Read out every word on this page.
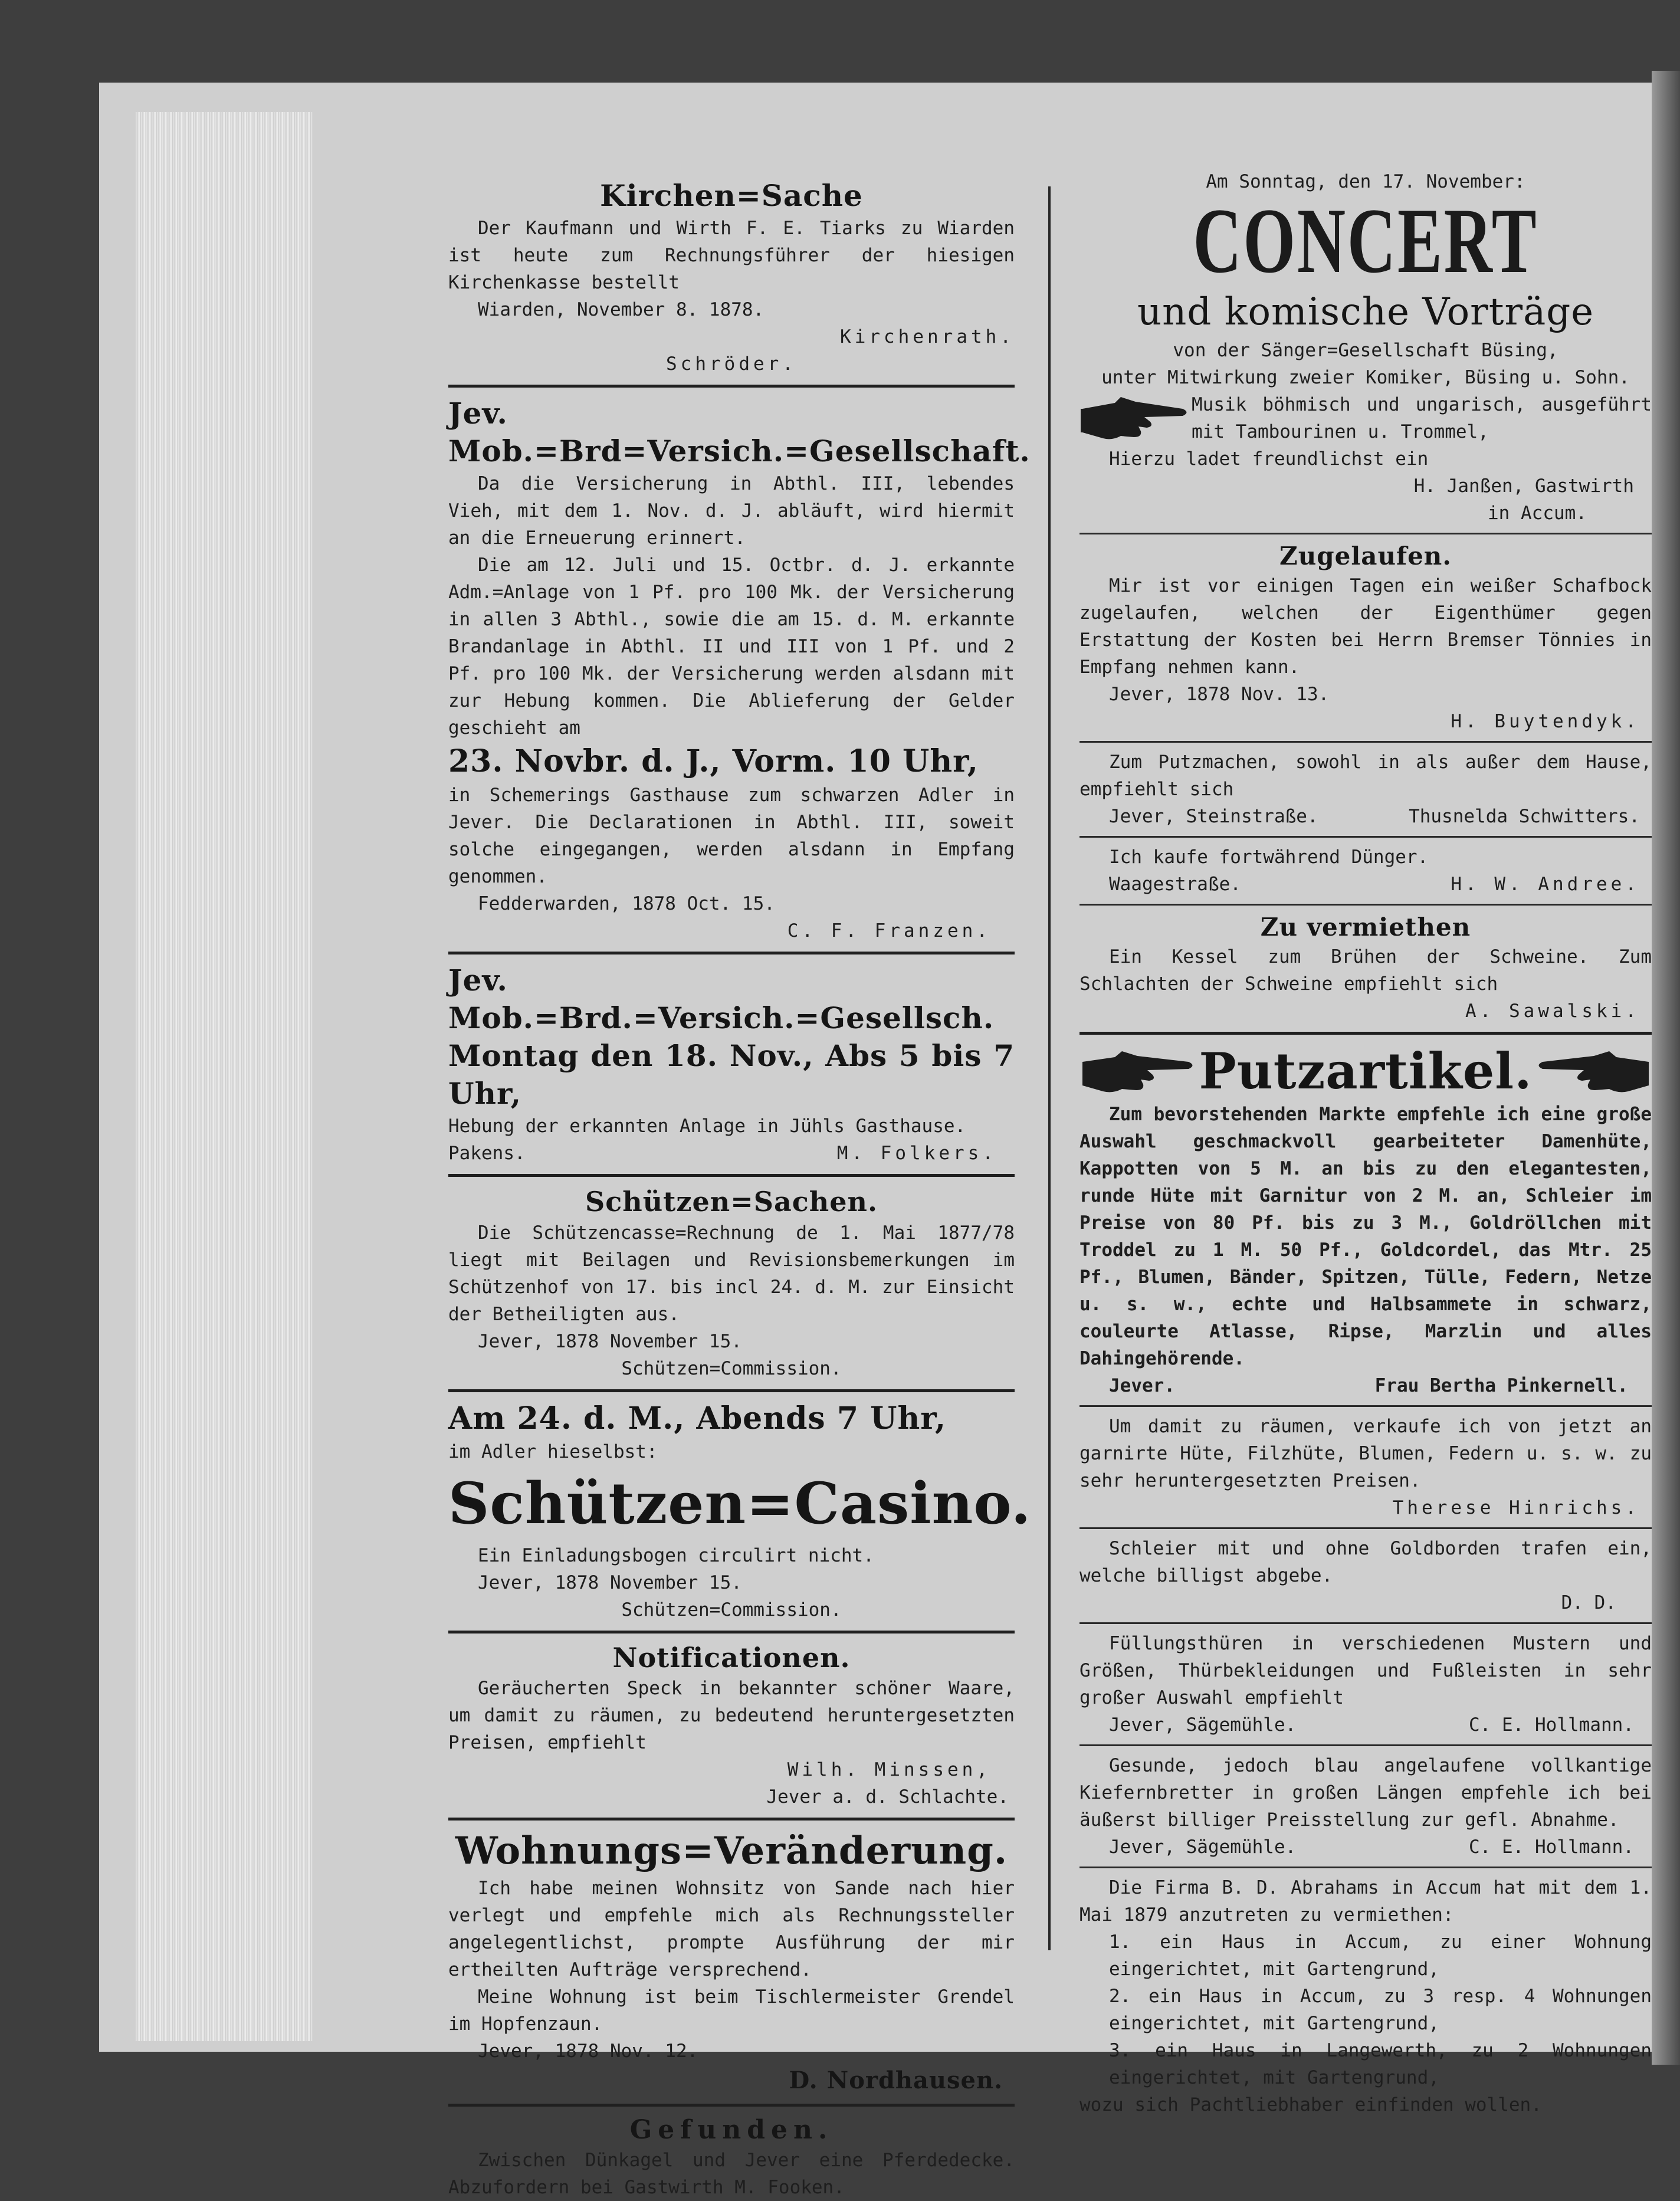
Kirchen=Sache
Der Kaufmann und Wirth F. E. Tiarks zu Wiarden ist heute zum Rechnungsführer der hiesigen Kirchenkasse bestellt
Wiarden, November 8. 1878.
Kirchenrath.
Schröder.
Jev. Mob.=Brd=Versich.=Gesellschaft.
Da die Versicherung in Abthl. III, lebendes Vieh, mit dem 1. Nov. d. J. abläuft, wird hiermit an die Erneuerung erinnert.
Die am 12. Juli und 15. Octbr. d. J. erkannte Adm.=Anlage von 1 Pf. pro 100 Mk. der Versicherung in allen 3 Abthl., sowie die am 15. d. M. erkannte Brandanlage in Abthl. II und III von 1 Pf. und 2 Pf. pro 100 Mk. der Versicherung werden alsdann mit zur Hebung kommen. Die Ablieferung der Gelder geschieht am
23. Novbr. d. J., Vorm. 10 Uhr,
in Schemerings Gasthause zum schwarzen Adler in Jever. Die Declarationen in Abthl. III, soweit solche eingegangen, werden alsdann in Empfang genommen.
Fedderwarden, 1878 Oct. 15.
C. F. Franzen.
Jev. Mob.=Brd.=Versich.=Gesellsch.
Montag den 18. Nov., Abs 5 bis 7 Uhr,
Hebung der erkannten Anlage in Jühls Gasthause.
Pakens.	M. Folkers.
Schützen=Sachen.
Die Schützencasse=Rechnung de 1. Mai 1877/78 liegt mit Beilagen und Revisionsbemerkungen im Schützenhof von 17. bis incl 24. d. M. zur Einsicht der Betheiligten aus.
Jever, 1878 November 15.
Schützen=Commission.
Am 24. d. M., Abends 7 Uhr,
im Adler hieselbst:
Schützen=Casino.
Ein Einladungsbogen circulirt nicht.
Jever, 1878 November 15.
Schützen=Commission.
Notificationen.
Geräucherten Speck in bekannter schöner Waare, um damit zu räumen, zu bedeutend heruntergesetzten Preisen, empfiehlt
Wilh. Minssen,
Jever a. d. Schlachte.
Wohnungs=Veränderung.
Ich habe meinen Wohnsitz von Sande nach hier verlegt und empfehle mich als Rechnungssteller angelegentlichst, prompte Ausführung der mir ertheilten Aufträge versprechend.
Meine Wohnung ist beim Tischlermeister Grendel im Hopfenzaun.
Jever, 1878 Nov. 12.
D. Nordhausen.
Gefunden.
Zwischen Dünkagel und Jever eine Pferdedecke. Abzufordern bei Gastwirth M. Fooken.
Am Sonntag, den 17. November:
CONCERT
und komische Vorträge
von der Sänger=Gesellschaft Büsing,
unter Mitwirkung zweier Komiker, Büsing u. Sohn.
Musik böhmisch und ungarisch, ausgeführt mit Tambourinen u. Trommel,
Hierzu ladet freundlichst ein
H. Janßen, Gastwirth
in Accum.
Zugelaufen.
Mir ist vor einigen Tagen ein weißer Schafbock zugelaufen, welchen der Eigenthümer gegen Erstattung der Kosten bei Herrn Bremser Tönnies in Empfang nehmen kann.
Jever, 1878 Nov. 13.
H. Buytendyk.
Zum Putzmachen, sowohl in als außer dem Hause, empfiehlt sich
Jever, Steinstraße.	Thusnelda Schwitters.
Ich kaufe fortwährend Dünger.
Waagestraße.	H. W. Andree.
Zu vermiethen
Ein Kessel zum Brühen der Schweine. Zum Schlachten der Schweine empfiehlt sich
A. Sawalski.
Putzartikel.
Zum bevorstehenden Markte empfehle ich eine große Auswahl geschmackvoll gearbeiteter Damenhüte, Kappotten von 5 M. an bis zu den elegantesten, runde Hüte mit Garnitur von 2 M. an, Schleier im Preise von 80 Pf. bis zu 3 M., Goldröllchen mit Troddel zu 1 M. 50 Pf., Goldcordel, das Mtr. 25 Pf., Blumen, Bänder, Spitzen, Tülle, Federn, Netze u. s. w., echte und Halbsammete in schwarz, couleurte Atlasse, Ripse, Marzlin und alles Dahingehörende.
Jever.	Frau Bertha Pinkernell.
Um damit zu räumen, verkaufe ich von jetzt an garnirte Hüte, Filzhüte, Blumen, Federn u. s. w. zu sehr heruntergesetzten Preisen.
Therese Hinrichs.
Schleier mit und ohne Goldborden trafen ein, welche billigst abgebe.
D. D.
Füllungsthüren in verschiedenen Mustern und Größen, Thürbekleidungen und Fußleisten in sehr großer Auswahl empfiehlt
Jever, Sägemühle.	C. E. Hollmann.
Gesunde, jedoch blau angelaufene vollkantige Kiefernbretter in großen Längen empfehle ich bei äußerst billiger Preisstellung zur gefl. Abnahme.
Jever, Sägemühle.	C. E. Hollmann.
Die Firma B. D. Abrahams in Accum hat mit dem 1. Mai 1879 anzutreten zu vermiethen:
1. ein Haus in Accum, zu einer Wohnung eingerichtet, mit Gartengrund,
2. ein Haus in Accum, zu 3 resp. 4 Wohnungen eingerichtet, mit Gartengrund,
3. ein Haus in Langewerth, zu 2 Wohnungen eingerichtet, mit Gartengrund,
wozu sich Pachtliebhaber einfinden wollen.
